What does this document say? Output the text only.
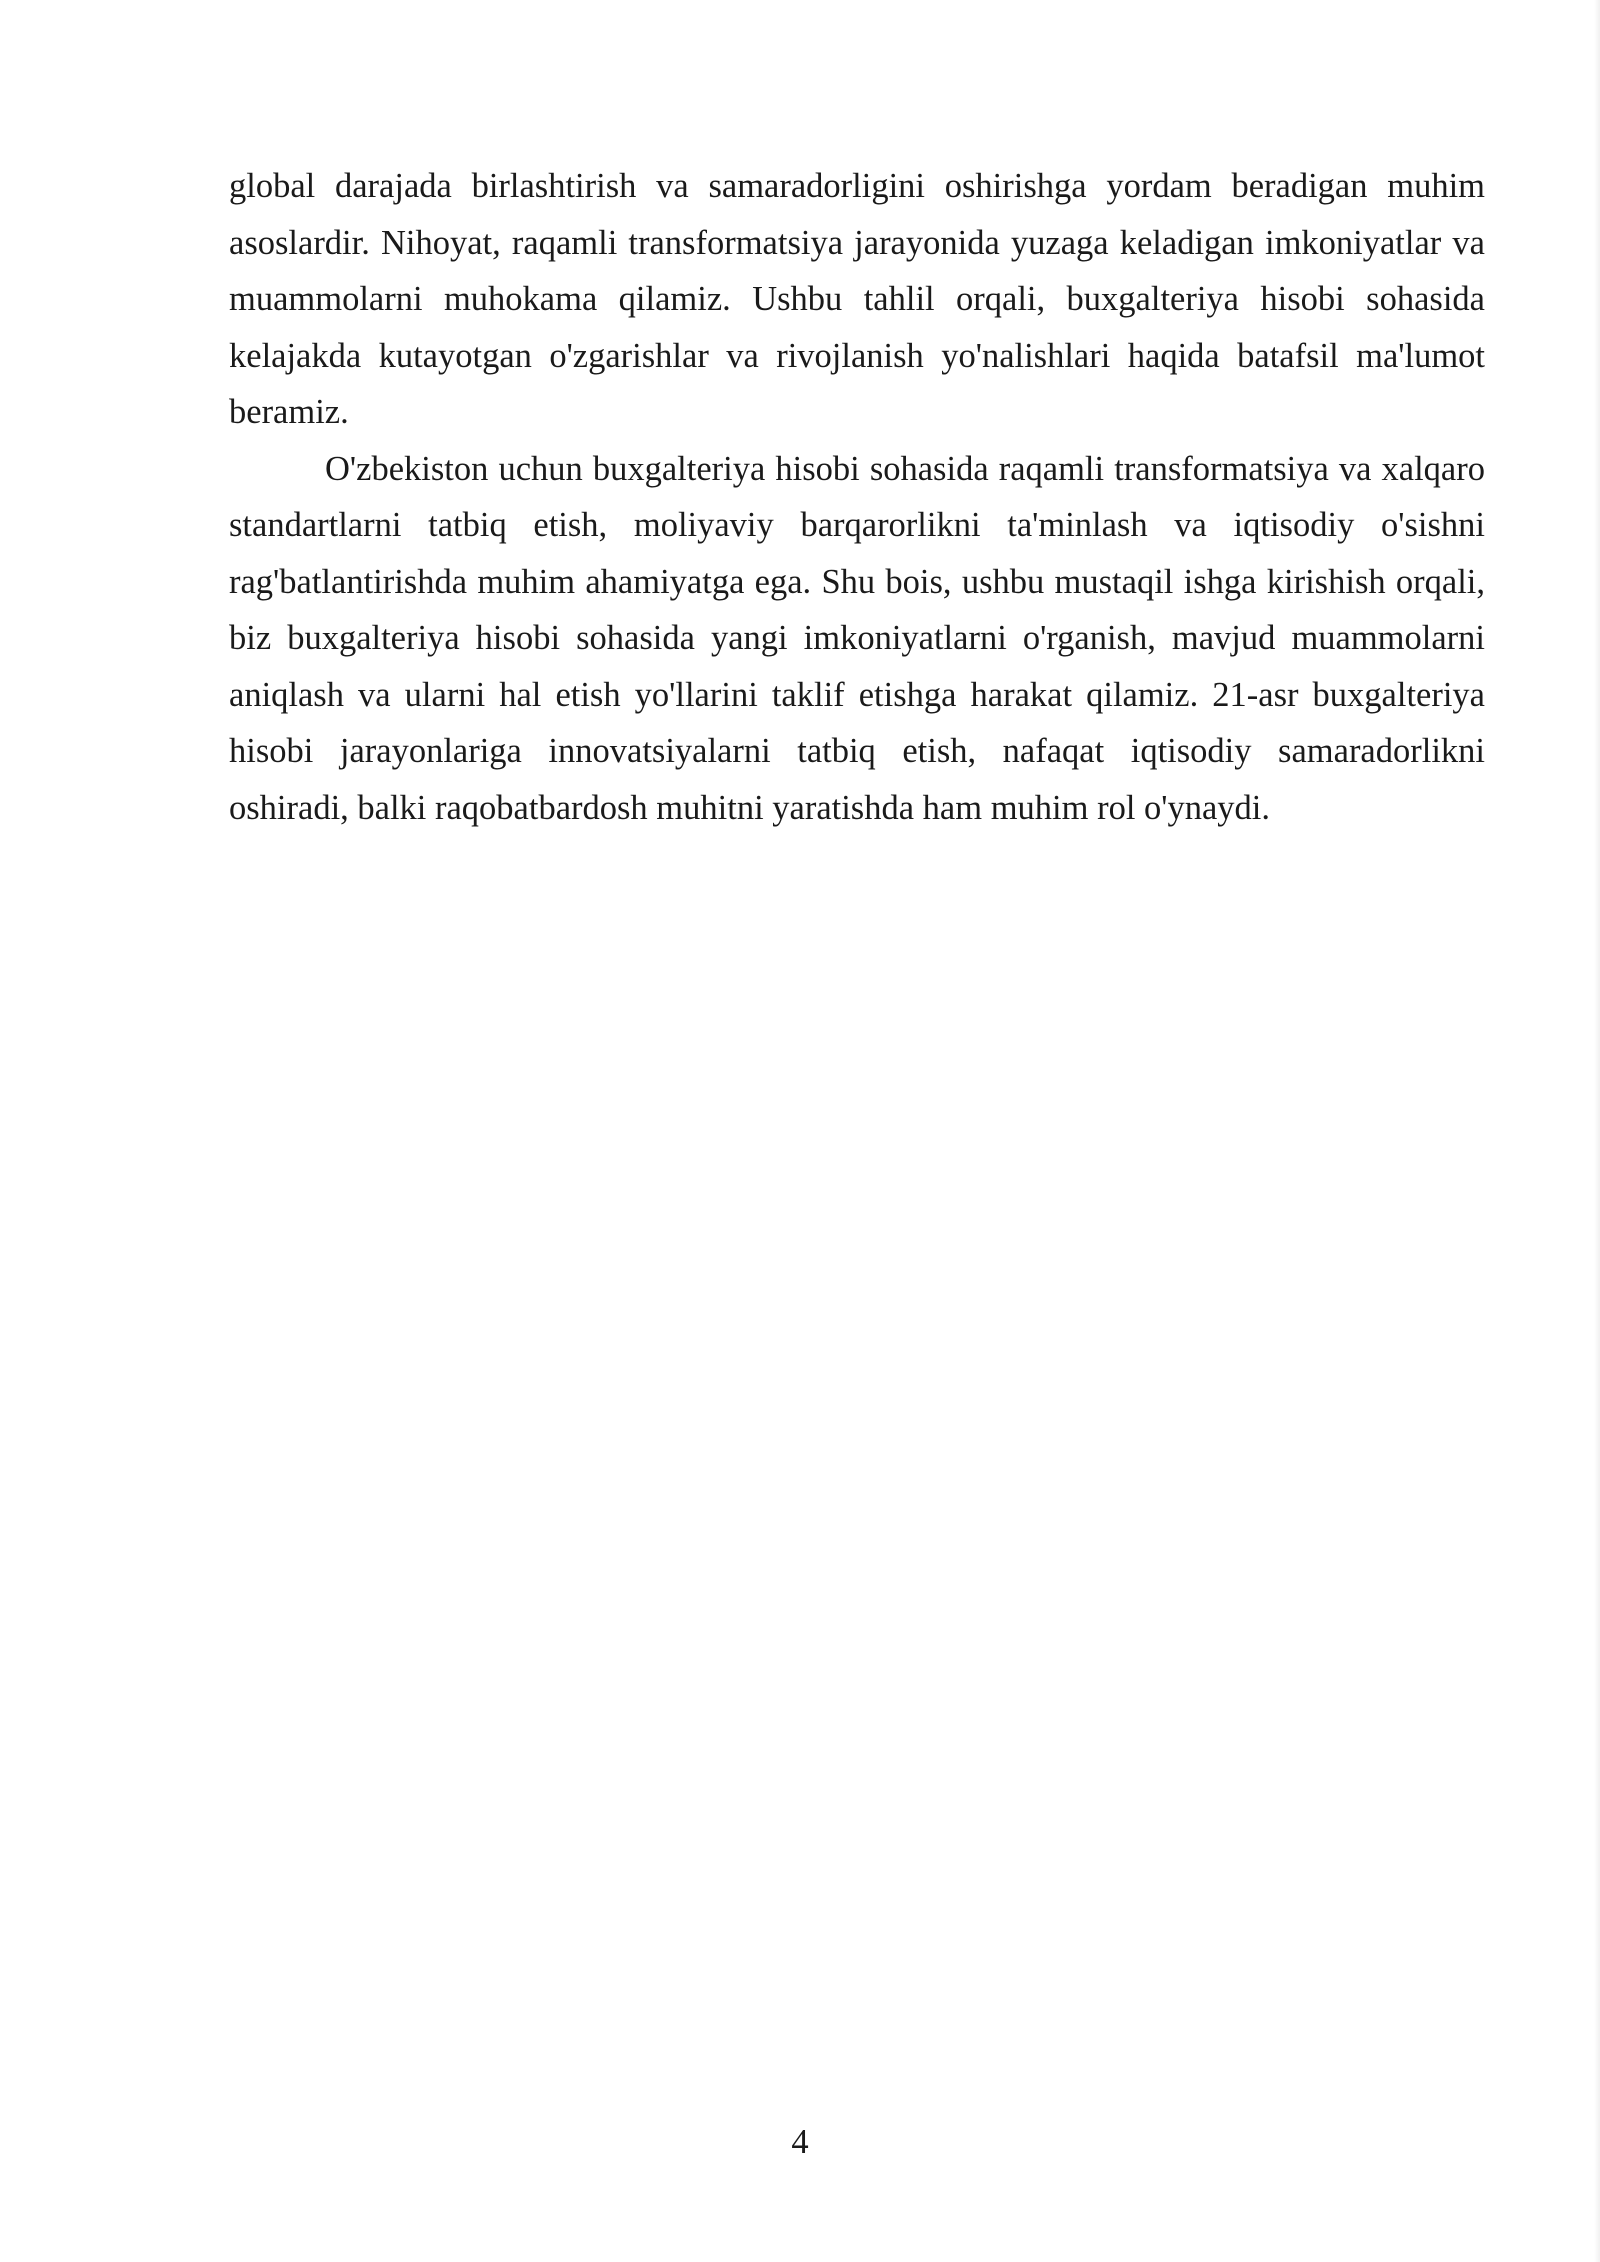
global darajada birlashtirish va samaradorligini oshirishga yordam beradigan muhim asoslardir. Nihoyat, raqamli transformatsiya jarayonida yuzaga keladigan imkoniyatlar va muammolarni muhokama qilamiz. Ushbu tahlil orqali, buxgalteriya hisobi sohasida kelajakda kutayotgan o'zgarishlar va rivojlanish yo'nalishlari haqida batafsil ma'lumot beramiz.

O'zbekiston uchun buxgalteriya hisobi sohasida raqamli transformatsiya va xalqaro standartlarni tatbiq etish, moliyaviy barqarorlikni ta'minlash va iqtisodiy o'sishni rag'batlantirishda muhim ahamiyatga ega. Shu bois, ushbu mustaqil ishga kirishish orqali, biz buxgalteriya hisobi sohasida yangi imkoniyatlarni o'rganish, mavjud muammolarni aniqlash va ularni hal etish yo'llarini taklif etishga harakat qilamiz. 21-asr buxgalteriya hisobi jarayonlariga innovatsiyalarni tatbiq etish, nafaqat iqtisodiy samaradorlikni oshiradi, balki raqobatbardosh muhitni yaratishda ham muhim rol o'ynaydi.

4
